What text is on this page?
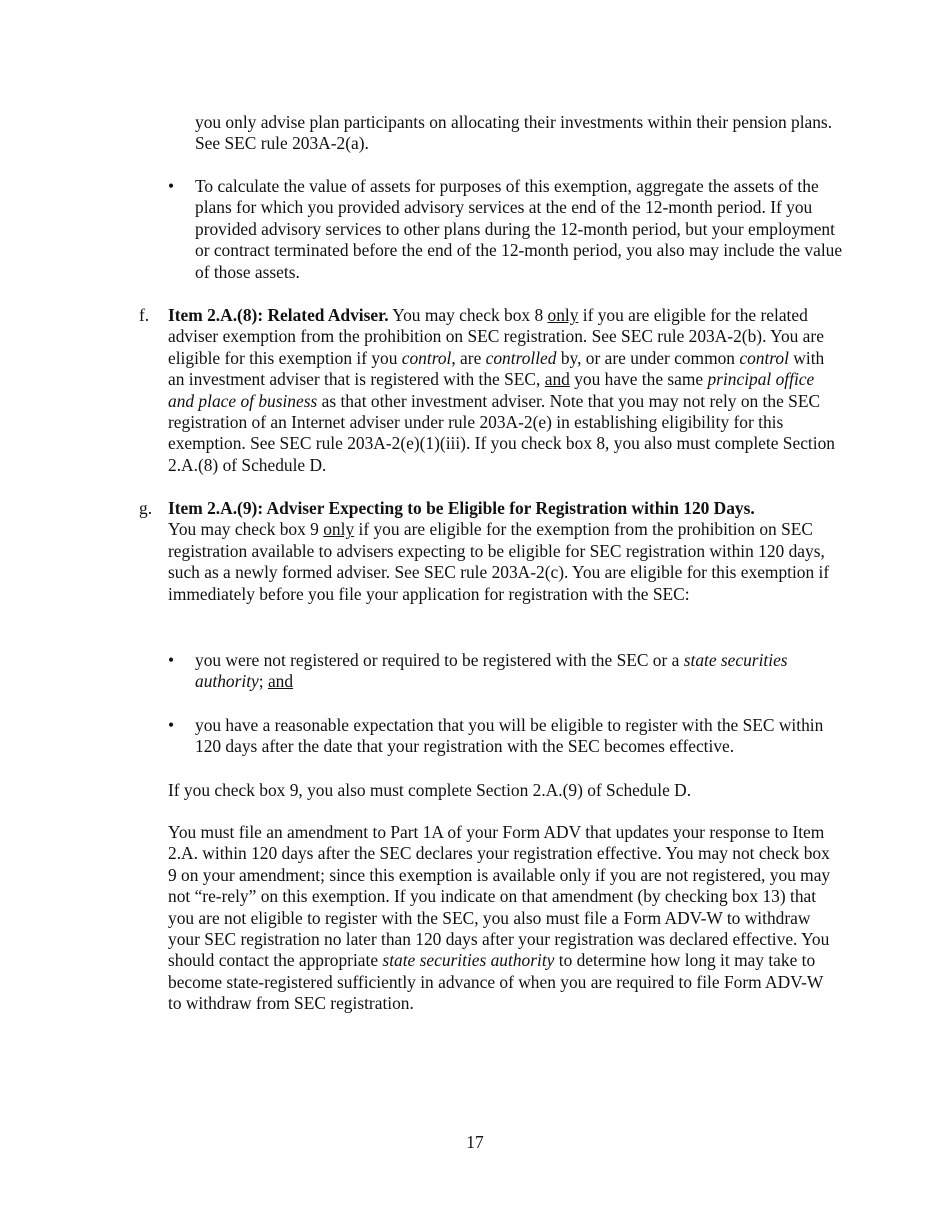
you only advise plan participants on allocating their investments within their pension plans. See SEC rule 203A-2(a).

•	To calculate the value of assets for purposes of this exemption, aggregate the assets of the plans for which you provided advisory services at the end of the 12-month period. If you provided advisory services to other plans during the 12-month period, but your employment or contract terminated before the end of the 12-month period, you also may include the value of those assets.

f.	Item 2.A.(8): Related Adviser. You may check box 8 only if you are eligible for the related adviser exemption from the prohibition on SEC registration. See SEC rule 203A-2(b). You are eligible for this exemption if you control, are controlled by, or are under common control with an investment adviser that is registered with the SEC, and you have the same principal office and place of business as that other investment adviser. Note that you may not rely on the SEC registration of an Internet adviser under rule 203A-2(e) in establishing eligibility for this exemption. See SEC rule 203A-2(e)(1)(iii). If you check box 8, you also must complete Section 2.A.(8) of Schedule D.

g. Item 2.A.(9): Adviser Expecting to be Eligible for Registration within 120 Days.
You may check box 9 only if you are eligible for the exemption from the prohibition on SEC registration available to advisers expecting to be eligible for SEC registration within 120 days, such as a newly formed adviser. See SEC rule 203A-2(c). You are eligible for this exemption if immediately before you file your application for registration with the SEC:

•	you were not registered or required to be registered with the SEC or a state securities authority; and

•	you have a reasonable expectation that you will be eligible to register with the SEC within 120 days after the date that your registration with the SEC becomes effective.

If you check box 9, you also must complete Section 2.A.(9) of Schedule D.

You must file an amendment to Part 1A of your Form ADV that updates your response to Item 2.A. within 120 days after the SEC declares your registration effective. You may not check box 9 on your amendment; since this exemption is available only if you are not registered, you may not “re-rely” on this exemption. If you indicate on that amendment (by checking box 13) that you are not eligible to register with the SEC, you also must file a Form ADV-W to withdraw your SEC registration no later than 120 days after your registration was declared effective. You should contact the appropriate state securities authority to determine how long it may take to become state-registered sufficiently in advance of when you are required to file Form ADV-W to withdraw from SEC registration.

17
